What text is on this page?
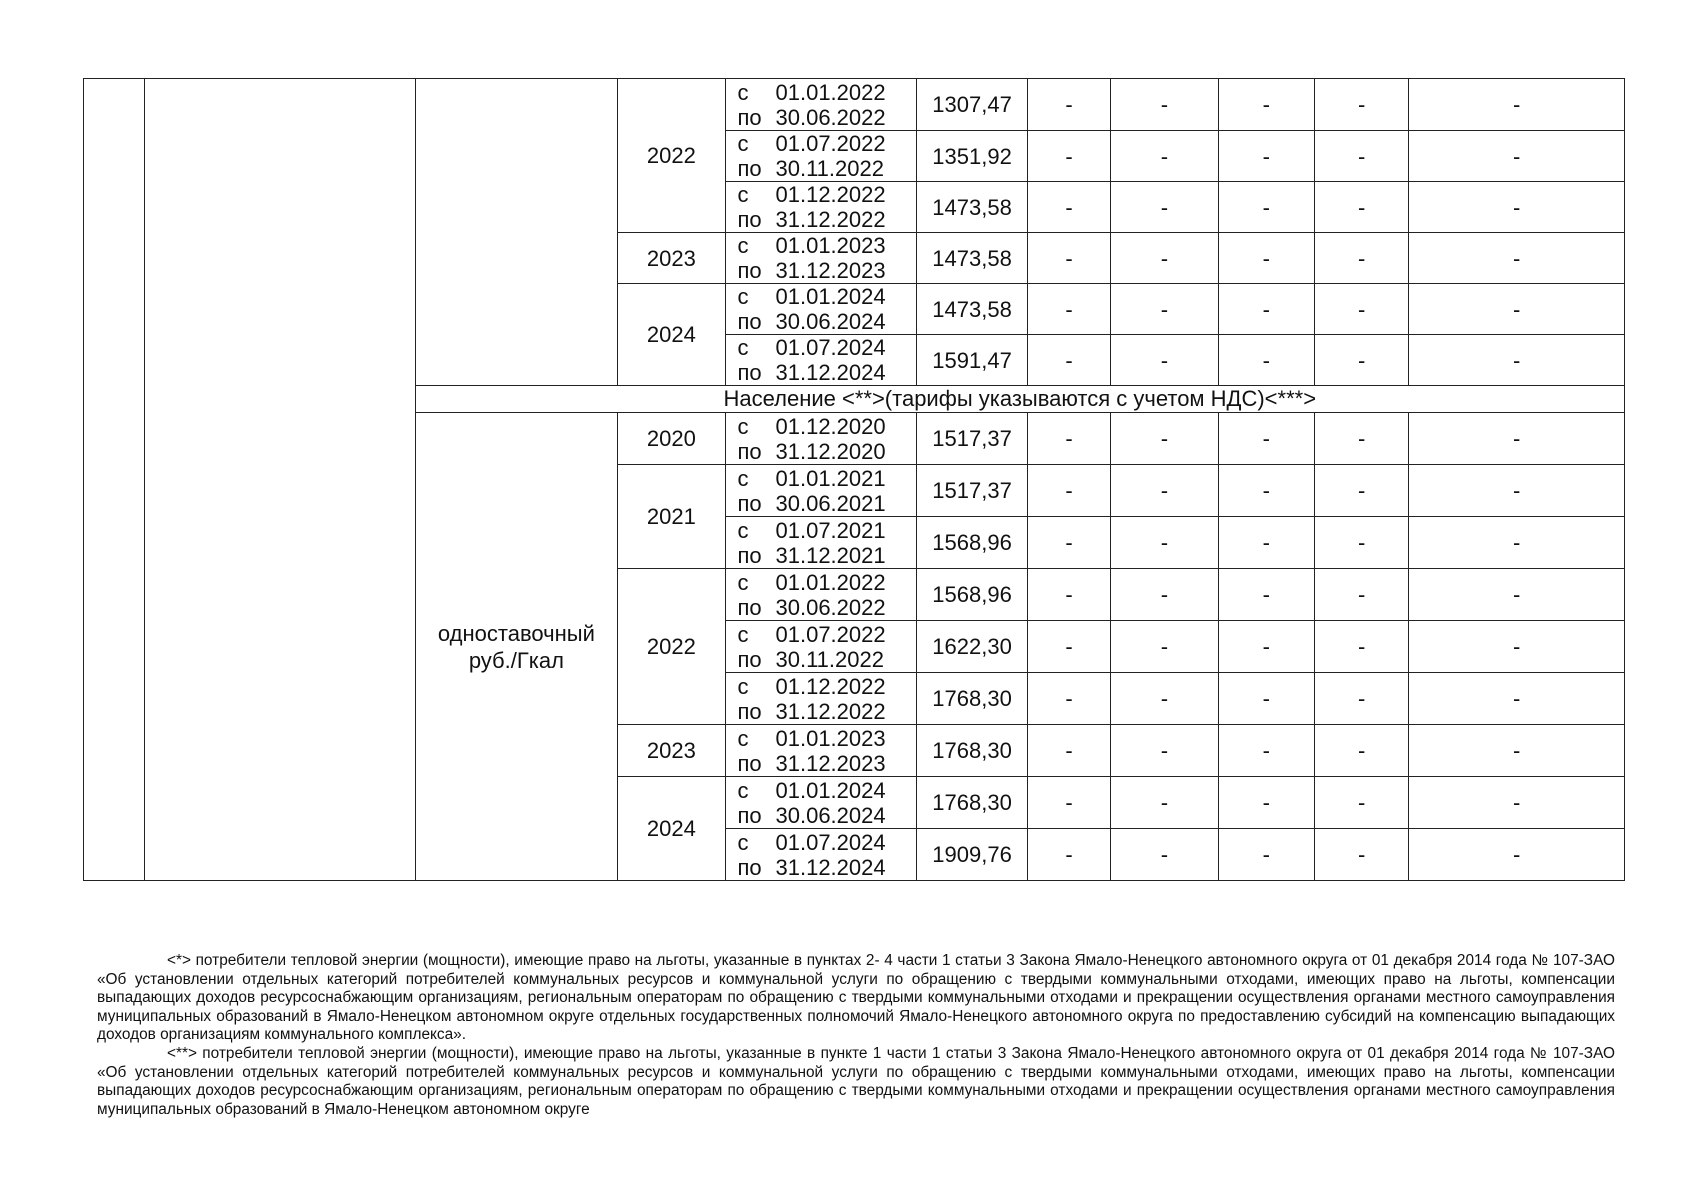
			2022	с 01.01.2022
по 30.06.2022	1307,47	-	-	-	-	-

				с 01.07.2022
по 30.11.2022	1351,92	-	-	-	-	-

				с 01.12.2022
по 31.12.2022	1473,58	-	-	-	-	-
			2023	с 01.01.2023
по 31.12.2023	1473,58	-	-	-	-	-
			2024	с 01.01.2024
по 30.06.2024	1473,58	-	-	-	-	-

				с 01.07.2024
по 31.12.2024	1591,47	-	-	-	-	-
		Население <**>(тарифы указываются с учетом НДС)<***>								

		одноставочный
руб./Гкал	2020	с 01.12.2020
по 31.12.2020	1517,37	-	-	-	-	-
			2021	с 01.01.2021
по 30.06.2021	1517,37	-	-	-	-	-

				с 01.07.2021
по 31.12.2021	1568,96	-	-	-	-	-
			2022	с 01.01.2022
по 30.06.2022	1568,96	-	-	-	-	-

				с 01.07.2022
по 30.11.2022	1622,30	-	-	-	-	-

				с 01.12.2022
по 31.12.2022	1768,30	-	-	-	-	-
			2023	с 01.01.2023
по 31.12.2023	1768,30	-	-	-	-	-
			2024	с 01.01.2024
по 30.06.2024	1768,30	-	-	-	-	-

				с 01.07.2024
по 31.12.2024	1909,76	-	-	-	-	-

<*> потребители тепловой энергии (мощности), имеющие право на льготы, указанные в пунктах 2- 4 части 1 статьи 3 Закона Ямало-Ненецкого автономного округа от 01 декабря 2014 года № 107-ЗАО «Об установлении отдельных категорий потребителей коммунальных ресурсов и коммунальной услуги по обращению с твердыми коммунальными отходами, имеющих право на льготы, компенсации выпадающих доходов ресурсоснабжающим организациям, региональным операторам по обращению с твердыми коммунальными отходами и прекращении осуществления органами местного самоуправления муниципальных образований в Ямало-Ненецком автономном округе отдельных государственных полномочий Ямало-Ненецкого автономного округа по предоставлению субсидий на компенсацию выпадающих доходов организациям коммунального комплекса».

<**> потребители тепловой энергии (мощности), имеющие право на льготы, указанные в пункте 1 части 1 статьи 3 Закона Ямало-Ненецкого автономного округа от 01 декабря 2014 года № 107-ЗАО «Об установлении отдельных категорий потребителей коммунальных ресурсов и коммунальной услуги по обращению с твердыми коммунальными отходами, имеющих право на льготы, компенсации выпадающих доходов ресурсоснабжающим организациям, региональным операторам по обращению с твердыми коммунальными отходами и прекращении осуществления органами местного самоуправления муниципальных образований в Ямало-Ненецком автономном округе
